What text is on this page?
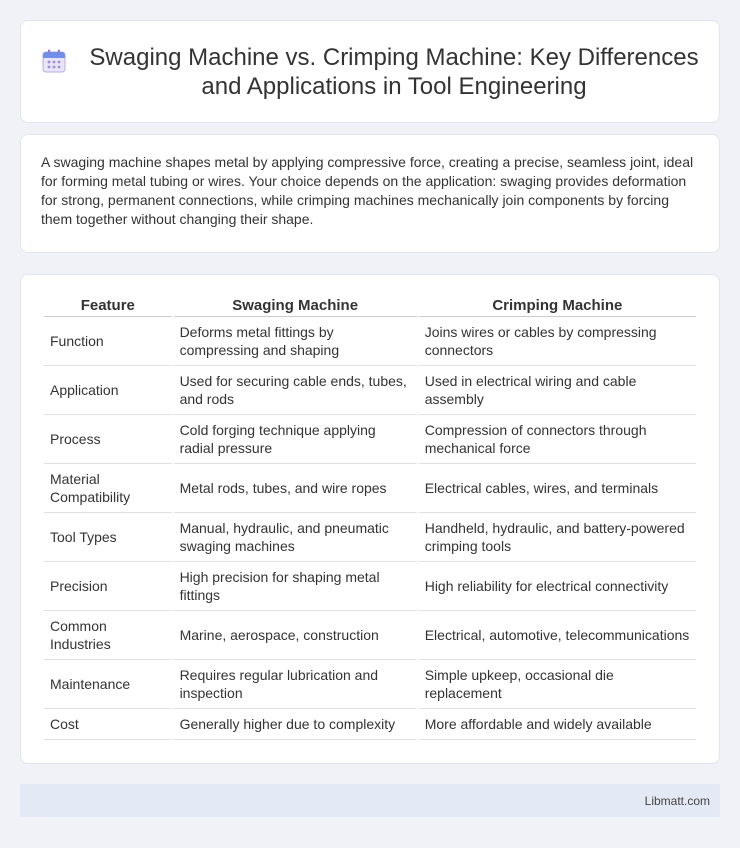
Swaging Machine vs. Crimping Machine: Key Differences and Applications in Tool Engineering

A swaging machine shapes metal by applying compressive force, creating a precise, seamless joint, ideal for forming metal tubing or wires. Your choice depends on the application: swaging provides deformation for strong, permanent connections, while crimping machines mechanically join components by forcing them together without changing their shape.

Feature	Swaging Machine	Crimping Machine
Function	Deforms metal fittings by compressing and shaping	Joins wires or cables by compressing connectors
Application	Used for securing cable ends, tubes, and rods	Used in electrical wiring and cable assembly
Process	Cold forging technique applying radial pressure	Compression of connectors through mechanical force
Material Compatibility	Metal rods, tubes, and wire ropes	Electrical cables, wires, and terminals
Tool Types	Manual, hydraulic, and pneumatic swaging machines	Handheld, hydraulic, and battery-powered crimping tools
Precision	High precision for shaping metal fittings	High reliability for electrical connectivity
Common Industries	Marine, aerospace, construction	Electrical, automotive, telecommunications
Maintenance	Requires regular lubrication and inspection	Simple upkeep, occasional die replacement
Cost	Generally higher due to complexity	More affordable and widely available
Libmatt.com
